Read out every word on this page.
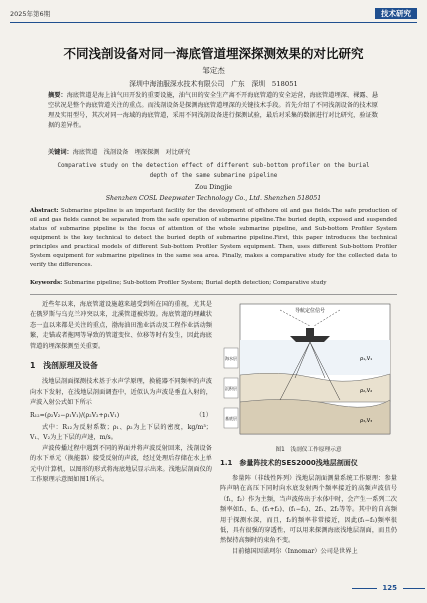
2025年第6期	技术研究
不同浅剖设备对同一海底管道埋深探测效果的对比研究
邹定杰
深圳中海油服深水技术有限公司　广东　深圳　518051
摘要：海底管道是海上油气田开发的重要设施，油气田的安全生产离不开海底管道的安全运营，海底管道埋深、裸露、悬空状况是整个海底管道关注的重点。而浅剖设备是探测海底管道埋深的关键技术手段。首先介绍了不同浅剖设备的技术原理及实用型号，其次对同一海域的海底管道，采用不同浅剖设备进行探测试验，最后对采集的数据进行对比研究，验证数据的差异性。
关键词：海底管道　浅剖设备　埋深探测　对比研究
Comparative study on the detection effect of different sub-bottom profiler on the burial depth of the same submarine pipeline
Zou Dingjie
Shenzhen COSL Deepwater Technology Co., Ltd. Shenzhen 518051
Abstract: Submarine pipeline is an important facility for the development of offshore oil and gas fields.The safe production of oil and gas fields cannot be separated from the safe operation of submarine pipeline.The buried depth, exposed and suspended status of submarine pipeline is the focus of attention of the whole submarine pipeline, and Sub-bottom Profiler System equipment is the key technical to detect the buried depth of submarine pipeline.First, this paper introduces the technical principles and practical models of different Sub-bottom Profiler System equipment. Then, uses different Sub-bottom Profiler System equipment for submarine pipelines in the same sea area. Finally, makes a comparative study for the collected data to verify the differences.
Keywords: Submarine pipeline; Sub-bottom Profiler System; Burial depth detection; Comparative study

近些年以来，海底管道设施越来越受到所在国的重视，尤其是在俄罗斯与乌克兰冲突以来，北溪管道被炸毁。海底管道的埋藏状态一直以来都是关注的重点，渤海油田渔业活动及工程作业活动频繁，走锚或者拖网等导致的管道变位、位移等时有发生，因此海底管道的埋深探测至关重要。

1　浅剖原理及设备

浅地层剖面探测技术基于水声学原理，换能器不同频率的声波向水下发射，在浅地层剖面调查中，近似认为声波是垂直入射的，声波入射公式如下所示

R₁₂=(ρ₂V₂−ρ₁V₁)/(ρ₂V₂+ρ₁V₁)	（1）

式中：R₁₂为反射系数；ρ₁、ρ₂为上下层的密度，kg/m³；V₁、V₂为上下层的声速，m/s。

声波传播过程中遇到不同的界面并将声波反射回来，浅剖设备的水下单元（换能器）接受反射的声波，经过处理后存储在水上单元中/计算机，以图形的形式将海底地层显示出来。浅地层剖面仪的工作原理示意图如图1所示。

导航定位信号
海水层
沉积层
基底层
ρ₁,V₁
ρ₂,V₂
ρ₃,V₃
图1　浅剖仪工作原理示意
1.1　参量阵技术的SES2000浅地层剖面仪

参量阵（非线性阵列）浅地层剖面测量系统工作原理：参量阵声呐在高压下同时向水底发射两个频率接近的高频声波信号（f₁，f₂）作为主频，当声波传出于水体中时，会产生一系列二次频率如f₁、f₂、(f₁+f₂)、(f₁−f₂)、2f₁、2f₂等等。其中的自高频用于探测水深，而且，f₂的频率非常接近，因此(f₁−f₂)频率很低，具有很强的穿透性，可以用来探测海底浅地层剖面，而且仍然保持高频时的束角不变。

目前德国因诺珂尔（Innomar）公司是世界上

125
